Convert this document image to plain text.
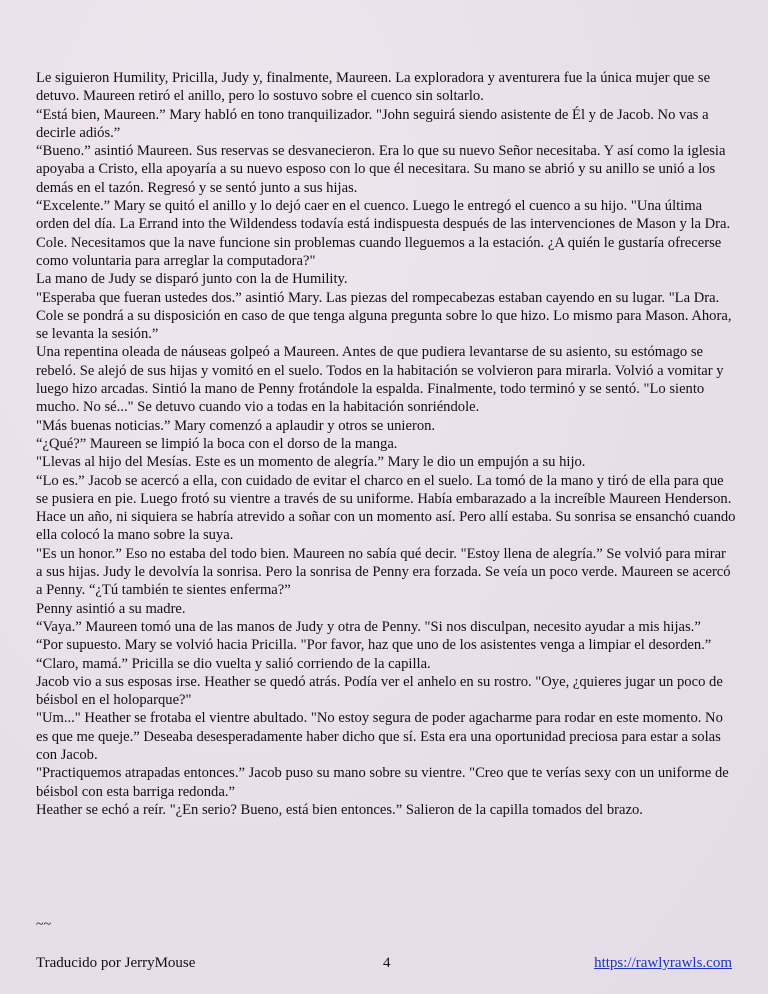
Le siguieron Humility, Pricilla, Judy y, finalmente, Maureen. La exploradora y aventurera fue la única mujer que se detuvo. Maureen retiró el anillo, pero lo sostuvo sobre el cuenco sin soltarlo.

“Está bien, Maureen.” Mary habló en tono tranquilizador. "John seguirá siendo asistente de Él y de Jacob. No vas a decirle adiós.”

“Bueno.” asintió Maureen. Sus reservas se desvanecieron. Era lo que su nuevo Señor necesitaba. Y así como la iglesia apoyaba a Cristo, ella apoyaría a su nuevo esposo con lo que él necesitara. Su mano se abrió y su anillo se unió a los demás en el tazón. Regresó y se sentó junto a sus hijas.

“Excelente.” Mary se quitó el anillo y lo dejó caer en el cuenco. Luego le entregó el cuenco a su hijo. "Una última orden del día. La Errand into the Wildendess todavía está indispuesta después de las intervenciones de Mason y la Dra. Cole. Necesitamos que la nave funcione sin problemas cuando lleguemos a la estación. ¿A quién le gustaría ofrecerse como voluntaria para arreglar la computadora?"

La mano de Judy se disparó junto con la de Humility.

"Esperaba que fueran ustedes dos.” asintió Mary. Las piezas del rompecabezas estaban cayendo en su lugar. "La Dra. Cole se pondrá a su disposición en caso de que tenga alguna pregunta sobre lo que hizo. Lo mismo para Mason. Ahora, se levanta la sesión.”

Una repentina oleada de náuseas golpeó a Maureen. Antes de que pudiera levantarse de su asiento, su estómago se rebeló. Se alejó de sus hijas y vomitó en el suelo. Todos en la habitación se volvieron para mirarla. Volvió a vomitar y luego hizo arcadas. Sintió la mano de Penny frotándole la espalda. Finalmente, todo terminó y se sentó. "Lo siento mucho. No sé..." Se detuvo cuando vio a todas en la habitación sonriéndole.

"Más buenas noticias.” Mary comenzó a aplaudir y otros se unieron.

“¿Qué?” Maureen se limpió la boca con el dorso de la manga.

"Llevas al hijo del Mesías. Este es un momento de alegría.” Mary le dio un empujón a su hijo.

“Lo es.” Jacob se acercó a ella, con cuidado de evitar el charco en el suelo. La tomó de la mano y tiró de ella para que se pusiera en pie. Luego frotó su vientre a través de su uniforme. Había embarazado a la increíble Maureen Henderson. Hace un año, ni siquiera se habría atrevido a soñar con un momento así. Pero allí estaba. Su sonrisa se ensanchó cuando ella colocó la mano sobre la suya.

"Es un honor.” Eso no estaba del todo bien. Maureen no sabía qué decir. "Estoy llena de alegría.” Se volvió para mirar a sus hijas. Judy le devolvía la sonrisa. Pero la sonrisa de Penny era forzada. Se veía un poco verde. Maureen se acercó a Penny. “¿Tú también te sientes enferma?”

Penny asintió a su madre.

“Vaya.” Maureen tomó una de las manos de Judy y otra de Penny. "Si nos disculpan, necesito ayudar a mis hijas.”

“Por supuesto. Mary se volvió hacia Pricilla. "Por favor, haz que uno de los asistentes venga a limpiar el desorden.”

“Claro, mamá.” Pricilla se dio vuelta y salió corriendo de la capilla.

Jacob vio a sus esposas irse. Heather se quedó atrás. Podía ver el anhelo en su rostro. "Oye, ¿quieres jugar un poco de béisbol en el holoparque?"

"Um..." Heather se frotaba el vientre abultado. "No estoy segura de poder agacharme para rodar en este momento. No es que me queje.” Deseaba desesperadamente haber dicho que sí. Esta era una oportunidad preciosa para estar a solas con Jacob.

"Practiquemos atrapadas entonces.” Jacob puso su mano sobre su vientre. "Creo que te verías sexy con un uniforme de béisbol con esta barriga redonda.”

Heather se echó a reír. "¿En serio? Bueno, está bien entonces.” Salieron de la capilla tomados del brazo.

~~

Traducido por JerryMouse	4	https://rawlyrawls.com
